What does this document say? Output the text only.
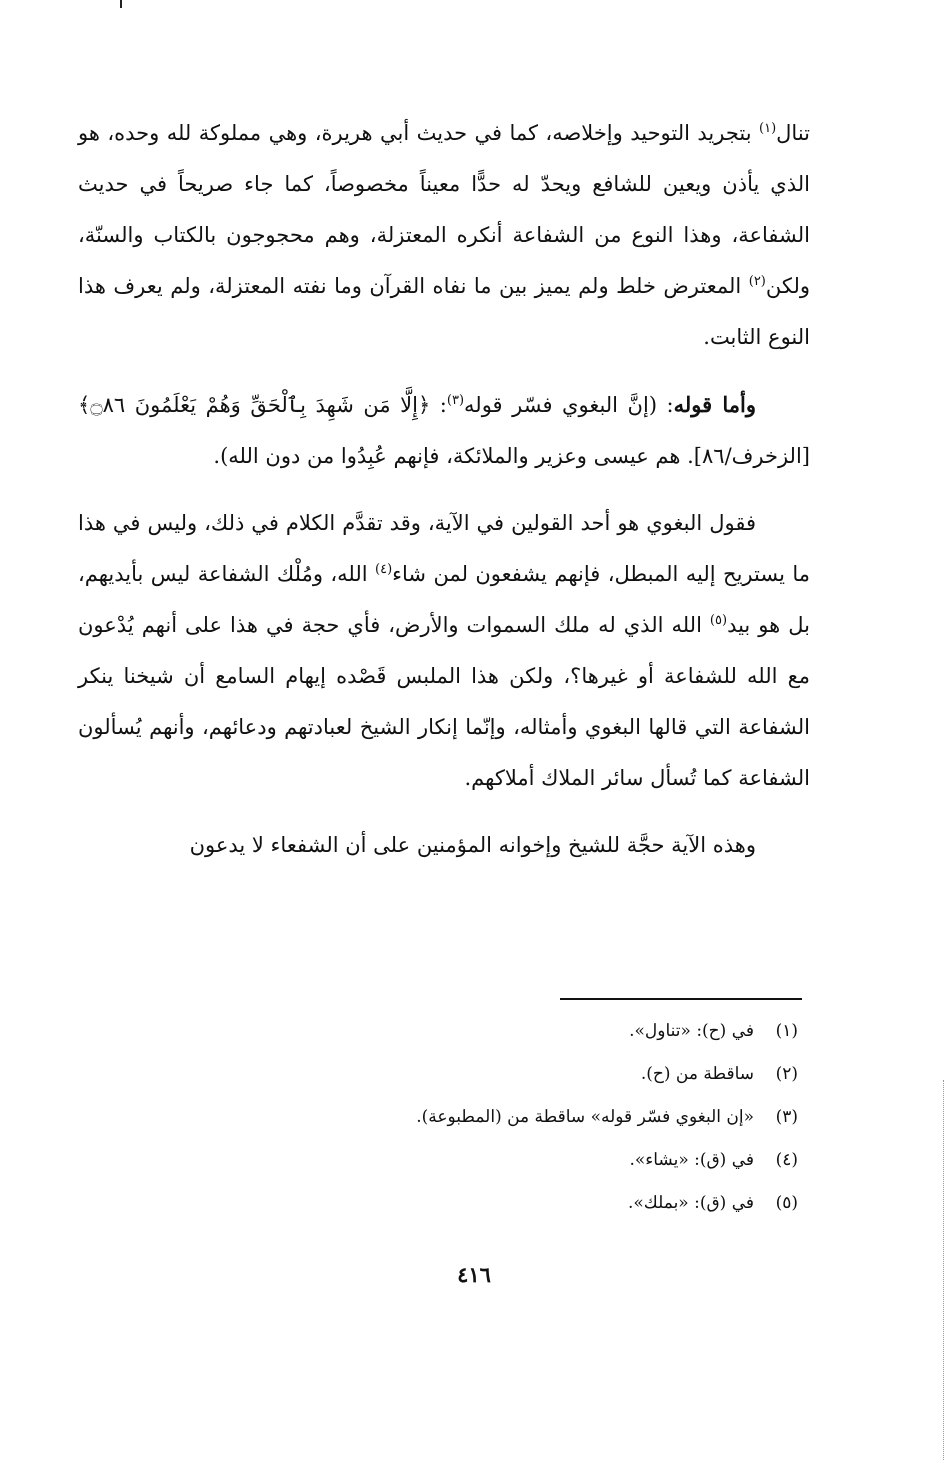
تنال$^{(١)}$ بتجريد التوحيد وإخلاصه، كما في حديث أبي هريرة، وهي مملوكة لله وحده، هو الذي يأذن ويعين للشافع ويحدّ له حدًّا معيناً مخصوصاً، كما جاء صريحاً في حديث الشفاعة، وهذا النوع من الشفاعة أنكره المعتزلة، وهم محجوجون بالكتاب والسنّة، ولكن$^{(٢)}$ المعترض خلط ولم يميز بين ما نفاه القرآن وما نفته المعتزلة، ولم يعرف هذا النوع الثابت.

وأما قوله: (إنَّ البغوي فسّر قوله$^{(٣)}$: ﴿إِلَّا مَن شَهِدَ بِٱلْحَقِّ وَهُمْ يَعْلَمُونَ ۝٨٦﴾ [الزخرف/٨٦]. هم عيسى وعزير والملائكة، فإنهم عُبِدُوا من دون الله).

فقول البغوي هو أحد القولين في الآية، وقد تقدَّم الكلام في ذلك، وليس في هذا ما يستريح إليه المبطل، فإنهم يشفعون لمن شاء$^{(٤)}$ الله، ومُلْك الشفاعة ليس بأيديهم، بل هو بيد$^{(٥)}$ الله الذي له ملك السموات والأرض، فأي حجة في هذا على أنهم يُدْعون مع الله للشفاعة أو غيرها؟، ولكن هذا الملبس قَصْده إيهام السامع أن شيخنا ينكر الشفاعة التي قالها البغوي وأمثاله، وإنّما إنكار الشيخ لعبادتهم ودعائهم، وأنهم يُسألون الشفاعة كما تُسأل سائر الملاك أملاكهم.

وهذه الآية حجَّة للشيخ وإخوانه المؤمنين على أن الشفعاء لا يدعون

(١)في (ح): «تناول».
(٢)ساقطة من (ح).
(٣)«إن البغوي فسّر قوله» ساقطة من (المطبوعة).
(٤)في (ق): «يشاء».
(٥)في (ق): «بملك».
٤١٦
